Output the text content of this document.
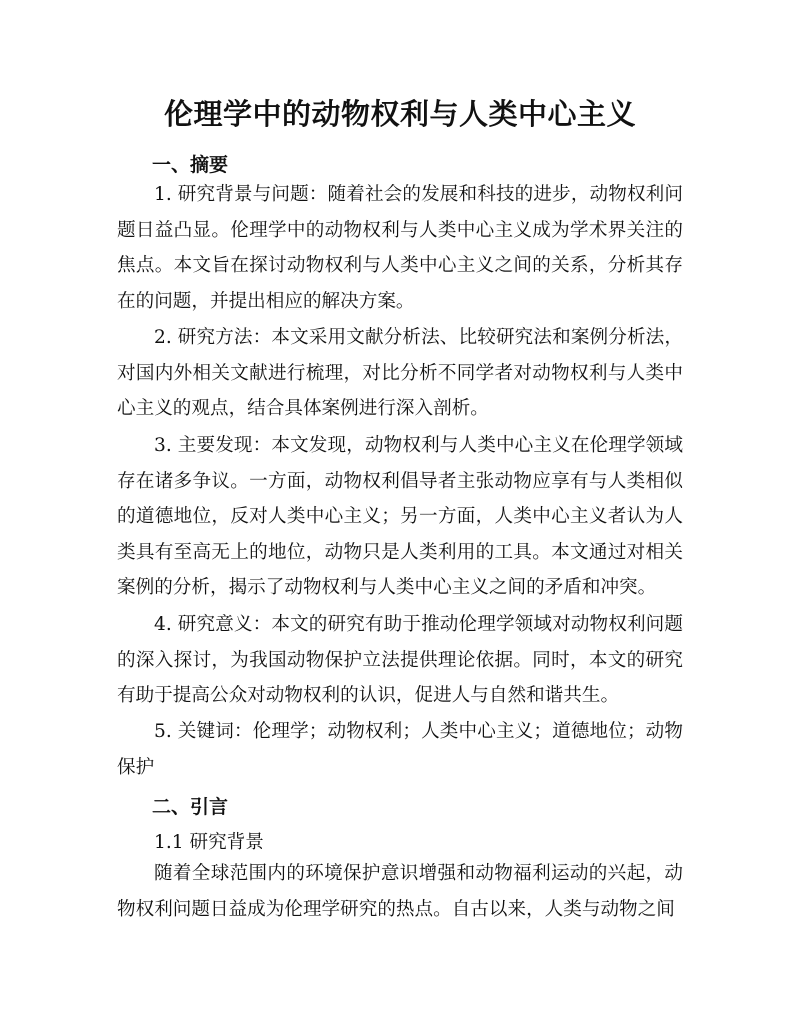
伦理学中的动物权利与人类中心主义
一、摘要
1. 研究背景与问题：随着社会的发展和科技的进步，动物权利问题日益凸显。伦理学中的动物权利与人类中心主义成为学术界关注的焦点。本文旨在探讨动物权利与人类中心主义之间的关系，分析其存在的问题，并提出相应的解决方案。
2. 研究方法：本文采用文献分析法、比较研究法和案例分析法，对国内外相关文献进行梳理，对比分析不同学者对动物权利与人类中心主义的观点，结合具体案例进行深入剖析。
3. 主要发现：本文发现，动物权利与人类中心主义在伦理学领域存在诸多争议。一方面，动物权利倡导者主张动物应享有与人类相似的道德地位，反对人类中心主义；另一方面，人类中心主义者认为人类具有至高无上的地位，动物只是人类利用的工具。本文通过对相关案例的分析，揭示了动物权利与人类中心主义之间的矛盾和冲突。
4. 研究意义：本文的研究有助于推动伦理学领域对动物权利问题的深入探讨，为我国动物保护立法提供理论依据。同时，本文的研究有助于提高公众对动物权利的认识，促进人与自然和谐共生。
5. 关键词：伦理学；动物权利；人类中心主义；道德地位；动物保护
二、引言
1.1 研究背景
随着全球范围内的环境保护意识增强和动物福利运动的兴起，动物权利问题日益成为伦理学研究的热点。自古以来，人类与动物之间
